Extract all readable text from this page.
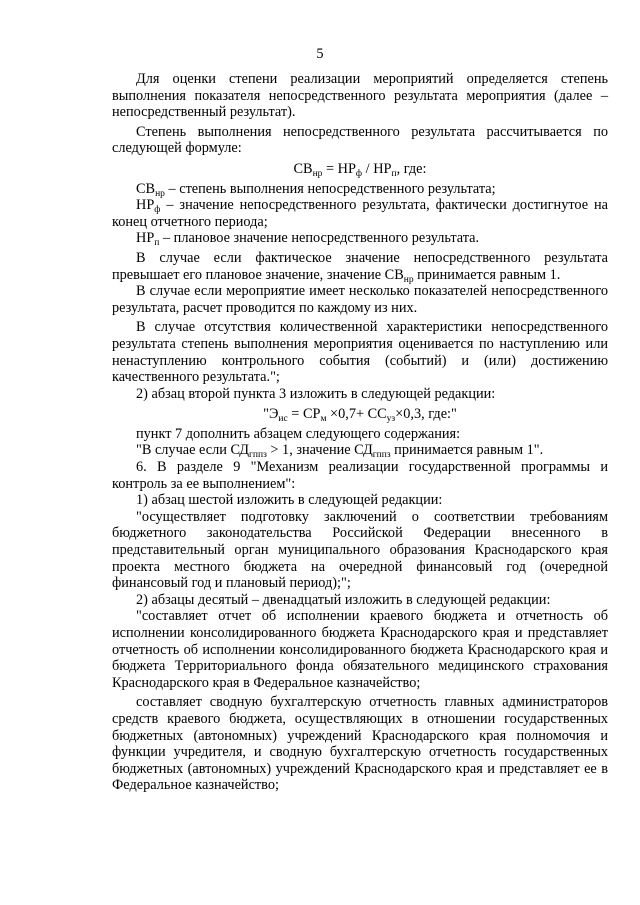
5

Для оценки степени реализации мероприятий определяется степень выполнения показателя непосредственного результата мероприятия (далее – непосредственный результат).

Степень выполнения непосредственного результата рассчитывается по следующей формуле:

$СВ_{нр} = НР_ф / НР_п$, где:

$СВ_{нр}$ – степень выполнения непосредственного результата;

$НР_ф$ – значение непосредственного результата, фактически достигнутое на конец отчетного периода;

$НР_п$ – плановое значение непосредственного результата.

В случае если фактическое значение непосредственного результата превышает его плановое значение, значение $СВ_{нр}$ принимается равным 1.

В случае если мероприятие имеет несколько показателей непосредственного результата, расчет проводится по каждому из них.

В случае отсутствия количественной характеристики непосредственного результата степень выполнения мероприятия оценивается по наступлению или ненаступлению контрольного события (событий) и (или) достижению качественного результата.";

2) абзац второй пункта 3 изложить в следующей редакции:

"$Э_{ис} = СР_м \times 0,7+ СС_{уз}\times 0,3$, где:"

пункт 7 дополнить абзацем следующего содержания:

"В случае если $СД_{гппз} > 1$, значение $СД_{гппз}$ принимается равным 1".

6. В разделе 9 "Механизм реализации государственной программы и контроль за ее выполнением":

1) абзац шестой изложить в следующей редакции:

"осуществляет подготовку заключений о соответствии требованиям бюджетного законодательства Российской Федерации внесенного в представительный орган муниципального образования Краснодарского края проекта местного бюджета на очередной финансовый год (очередной финансовый год и плановый период);";

2) абзацы десятый – двенадцатый изложить в следующей редакции:

"составляет отчет об исполнении краевого бюджета и отчетность об исполнении консолидированного бюджета Краснодарского края и представляет отчетность об исполнении консолидированного бюджета Краснодарского края и бюджета Территориального фонда обязательного медицинского страхования Краснодарского края в Федеральное казначейство;

составляет сводную бухгалтерскую отчетность главных администраторов средств краевого бюджета, осуществляющих в отношении государственных бюджетных (автономных) учреждений Краснодарского края полномочия и функции учредителя, и сводную бухгалтерскую отчетность государственных бюджетных (автономных) учреждений Краснодарского края и представляет ее в Федеральное казначейство;
